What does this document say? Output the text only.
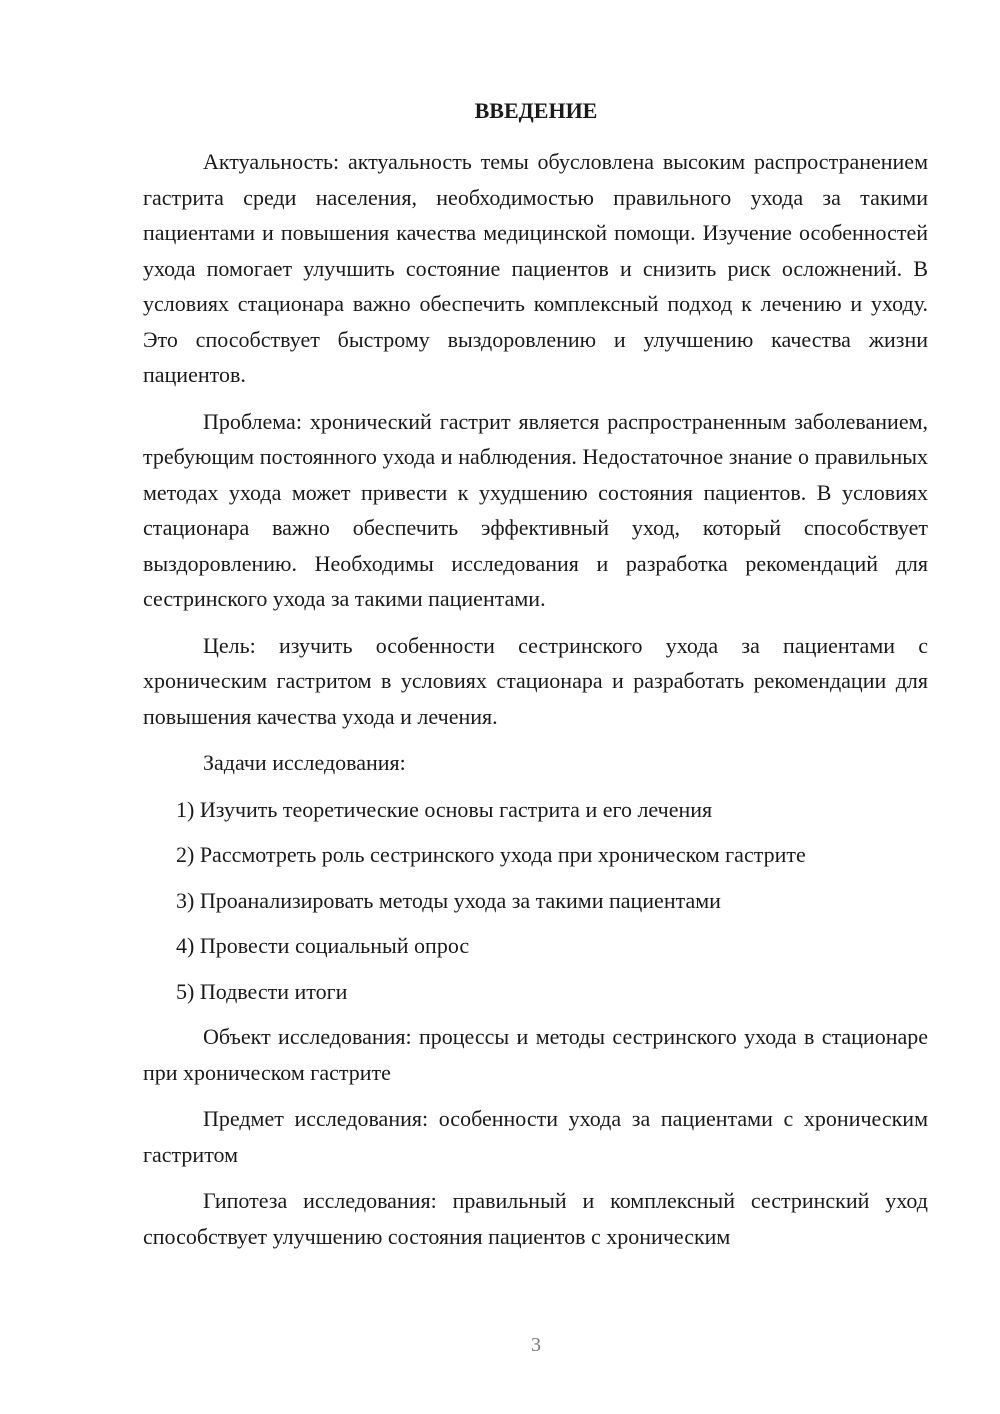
ВВЕДЕНИЕ

Актуальность: актуальность темы обусловлена высоким распространением гастрита среди населения, необходимостью правильного ухода за такими пациентами и повышения качества медицинской помощи. Изучение особенностей ухода помогает улучшить состояние пациентов и снизить риск осложнений. В условиях стационара важно обеспечить комплексный подход к лечению и уходу. Это способствует быстрому выздоровлению и улучшению качества жизни пациентов.

Проблема: хронический гастрит является распространенным заболеванием, требующим постоянного ухода и наблюдения. Недостаточное знание о правильных методах ухода может привести к ухудшению состояния пациентов. В условиях стационара важно обеспечить эффективный уход, который способствует выздоровлению. Необходимы исследования и разработка рекомендаций для сестринского ухода за такими пациентами.

Цель: изучить особенности сестринского ухода за пациентами с хроническим гастритом в условиях стационара и разработать рекомендации для повышения качества ухода и лечения.

Задачи исследования:

1) Изучить теоретические основы гастрита и его лечения

2) Рассмотреть роль сестринского ухода при хроническом гастрите

3) Проанализировать методы ухода за такими пациентами

4) Провести социальный опрос

5) Подвести итоги

Объект исследования: процессы и методы сестринского ухода в стационаре при хроническом гастрите

Предмет исследования: особенности ухода за пациентами с хроническим гастритом

Гипотеза исследования: правильный и комплексный сестринский уход способствует улучшению состояния пациентов с хроническим

3
